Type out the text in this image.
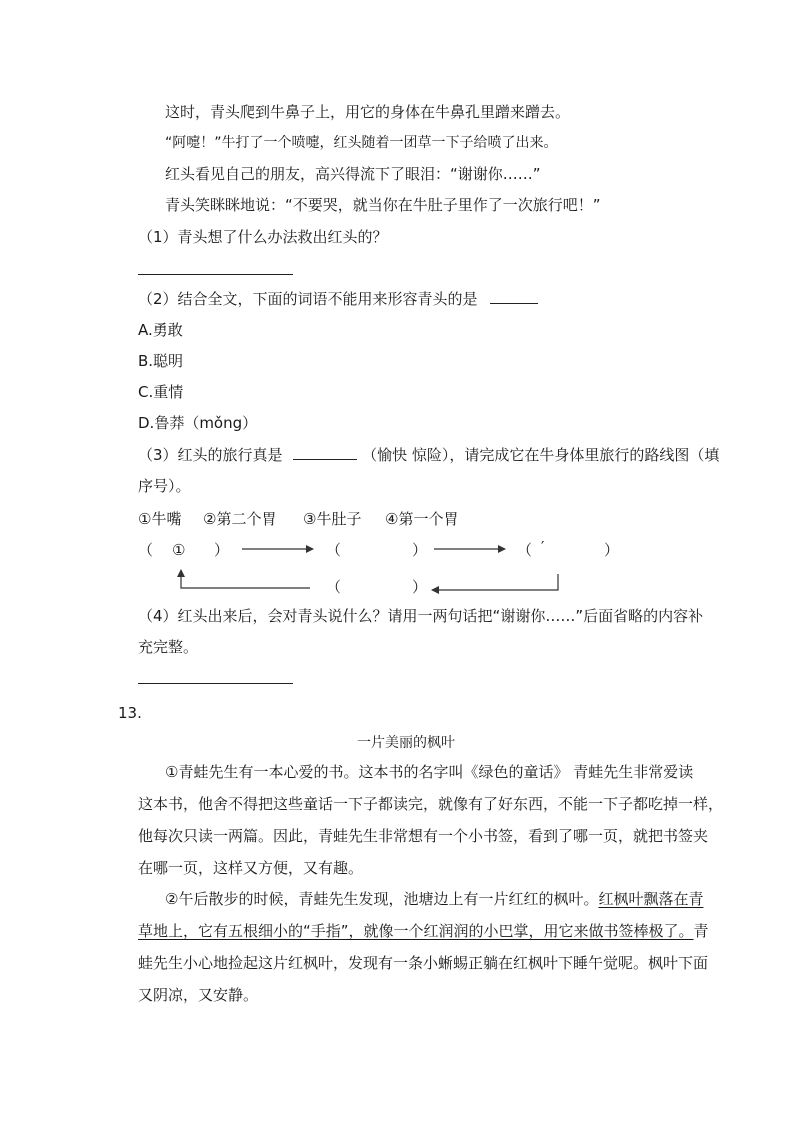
这时，青头爬到牛鼻子上，用它的身体在牛鼻孔里蹭来蹭去。
“阿嚏！”牛打了一个喷嚏，红头随着一团草一下子给喷了出来。
红头看见自己的朋友，高兴得流下了眼泪：“谢谢你……”
青头笑眯眯地说：“不要哭，就当你在牛肚子里作了一次旅行吧！”
（1）青头想了什么办法救出红头的？
（2）结合全文，下面的词语不能用来形容青头的是
A.勇敢
B.聪明
C.重情
D.鲁莽（mǒng）
（3）红头的旅行真是	（愉快 惊险），请完成它在牛身体里旅行的路线图（填
序号）。
①牛嘴 ②第二个胃 ③牛肚子 ④第一个胃
（ ① ）	（	）	（ ′	）
（	）
（4）红头出来后，会对青头说什么？请用一两句话把“谢谢你……”后面省略的内容补
充完整。
13.
一片美丽的枫叶
①青蛙先生有一本心爱的书。这本书的名字叫《绿色的童话》 青蛙先生非常爱读
这本书，他舍不得把这些童话一下子都读完，就像有了好东西，不能一下子都吃掉一样，
他每次只读一两篇。因此，青蛙先生非常想有一个小书签，看到了哪一页，就把书签夹
在哪一页，这样又方便，又有趣。
②午后散步的时候，青蛙先生发现，池塘边上有一片红红的枫叶。红枫叶飘落在青
草地上，它有五根细小的“手指”，就像一个红润润的小巴掌，用它来做书签棒极了。青
蛙先生小心地捡起这片红枫叶，发现有一条小蜥蜴正躺在红枫叶下睡午觉呢。枫叶下面
又阴凉，又安静。
